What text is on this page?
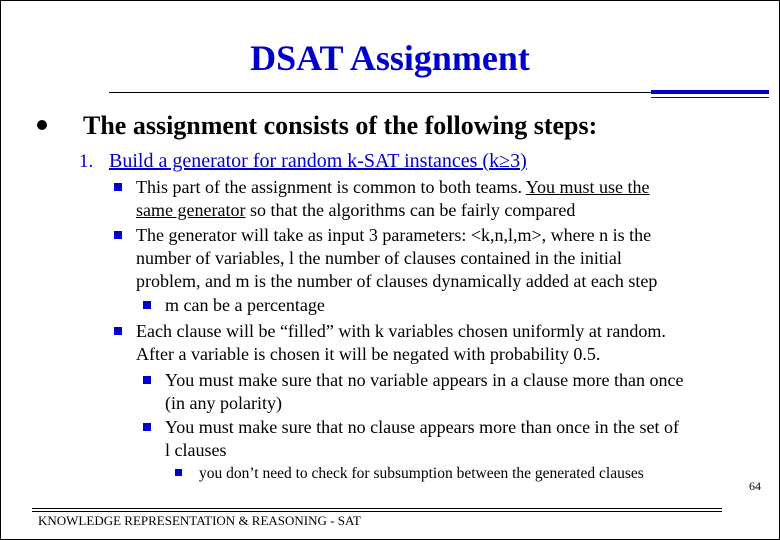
DSAT Assignment
The assignment consists of the following steps:
1. Build a generator for random k-SAT instances (k≥3)
This part of the assignment is common to both teams. You must use the
same generator so that the algorithms can be fairly compared
The generator will take as input 3 parameters: <k,n,l,m>, where n is the
number of variables, l the number of clauses contained in the initial
problem, and m is the number of clauses dynamically added at each step
m can be a percentage
Each clause will be “filled” with k variables chosen uniformly at random.
After a variable is chosen it will be negated with probability 0.5.
You must make sure that no variable appears in a clause more than once
(in any polarity)
You must make sure that no clause appears more than once in the set of
l clauses
you don’t need to check for subsumption between the generated clauses
KNOWLEDGE REPRESENTATION & REASONING - SAT
64
